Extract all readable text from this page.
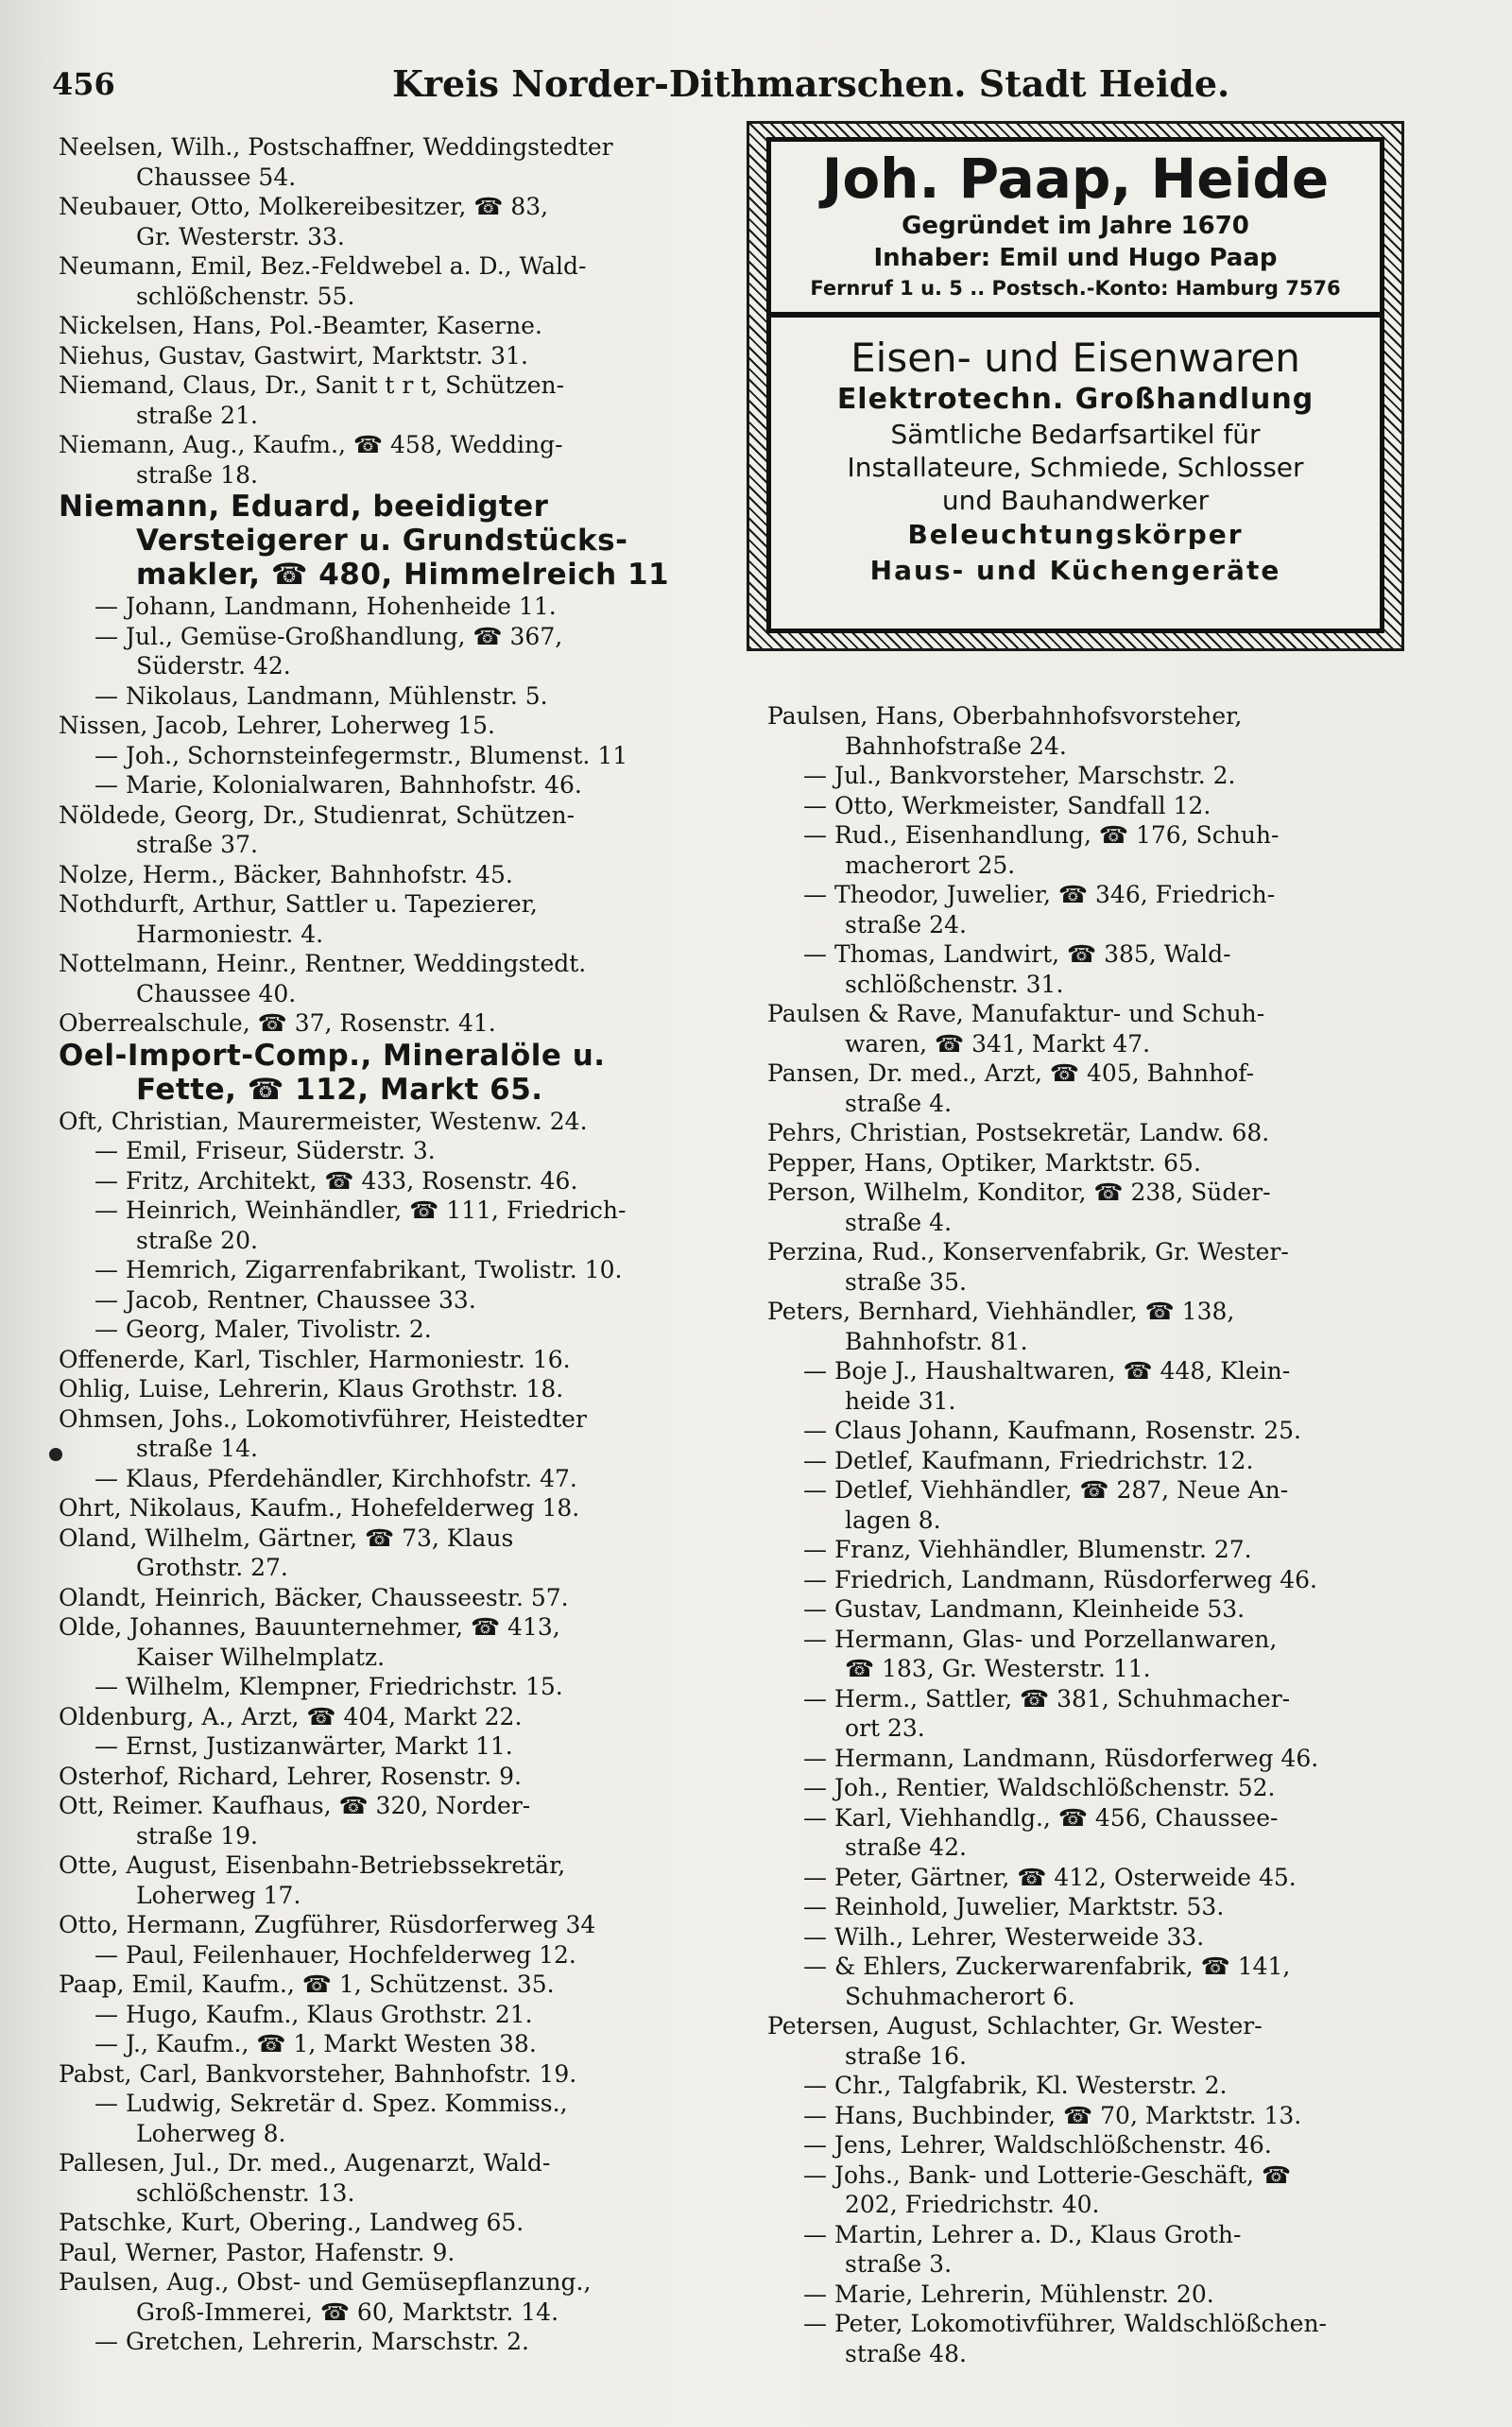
456	Kreis Norder-Dithmarschen. Stadt Heide.
Neelsen, Wilh., Postschaffner, Weddingstedter
Chaussee 54.
Neubauer, Otto, Molkereibesitzer, ☎ 83,
Gr. Westerstr. 33.
Neumann, Emil, Bez.-Feldwebel a. D., Wald-
schlößchenstr. 55.
Nickelsen, Hans, Pol.-Beamter, Kaserne.
Niehus, Gustav, Gastwirt, Marktstr. 31.
Niemand, Claus, Dr., Sanit t r t, Schützen-
straße 21.
Niemann, Aug., Kaufm., ☎ 458, Wedding-
straße 18.
Niemann, Eduard, beeidigter
Versteigerer u. Grundstücks-
makler, ☎ 480, Himmelreich 11
— Johann, Landmann, Hohenheide 11.
— Jul., Gemüse-Großhandlung, ☎ 367,
Süderstr. 42.
— Nikolaus, Landmann, Mühlenstr. 5.
Nissen, Jacob, Lehrer, Loherweg 15.
— Joh., Schornsteinfegermstr., Blumenst. 11
— Marie, Kolonialwaren, Bahnhofstr. 46.
Nöldede, Georg, Dr., Studienrat, Schützen-
straße 37.
Nolze, Herm., Bäcker, Bahnhofstr. 45.
Nothdurft, Arthur, Sattler u. Tapezierer,
Harmoniestr. 4.
Nottelmann, Heinr., Rentner, Weddingstedt.
Chaussee 40.
Oberrealschule, ☎ 37, Rosenstr. 41.
Oel-Import-Comp., Mineralöle u.
Fette, ☎ 112, Markt 65.
Oft, Christian, Maurermeister, Westenw. 24.
— Emil, Friseur, Süderstr. 3.
— Fritz, Architekt, ☎ 433, Rosenstr. 46.
— Heinrich, Weinhändler, ☎ 111, Friedrich-
straße 20.
— Hemrich, Zigarrenfabrikant, Twolistr. 10.
— Jacob, Rentner, Chaussee 33.
— Georg, Maler, Tivolistr. 2.
Offenerde, Karl, Tischler, Harmoniestr. 16.
Ohlig, Luise, Lehrerin, Klaus Grothstr. 18.
Ohmsen, Johs., Lokomotivführer, Heistedter
straße 14.
— Klaus, Pferdehändler, Kirchhofstr. 47.
Ohrt, Nikolaus, Kaufm., Hohefelderweg 18.
Oland, Wilhelm, Gärtner, ☎ 73, Klaus
Grothstr. 27.
Olandt, Heinrich, Bäcker, Chausseestr. 57.
Olde, Johannes, Bauunternehmer, ☎ 413,
Kaiser Wilhelmplatz.
— Wilhelm, Klempner, Friedrichstr. 15.
Oldenburg, A., Arzt, ☎ 404, Markt 22.
— Ernst, Justizanwärter, Markt 11.
Osterhof, Richard, Lehrer, Rosenstr. 9.
Ott, Reimer. Kaufhaus, ☎ 320, Norder-
straße 19.
Otte, August, Eisenbahn-Betriebssekretär,
Loherweg 17.
Otto, Hermann, Zugführer, Rüsdorferweg 34
— Paul, Feilenhauer, Hochfelderweg 12.
Paap, Emil, Kaufm., ☎ 1, Schützenst. 35.
— Hugo, Kaufm., Klaus Grothstr. 21.
— J., Kaufm., ☎ 1, Markt Westen 38.
Pabst, Carl, Bankvorsteher, Bahnhofstr. 19.
— Ludwig, Sekretär d. Spez. Kommiss.,
Loherweg 8.
Pallesen, Jul., Dr. med., Augenarzt, Wald-
schlößchenstr. 13.
Patschke, Kurt, Obering., Landweg 65.
Paul, Werner, Pastor, Hafenstr. 9.
Paulsen, Aug., Obst- und Gemüsepflanzung.,
Groß-Immerei, ☎ 60, Marktstr. 14.
— Gretchen, Lehrerin, Marschstr. 2.
Joh. Paap, Heide
Gegründet im Jahre 1670
Inhaber: Emil und Hugo Paap
Fernruf 1 u. 5 .. Postsch.-Konto: Hamburg 7576
Eisen- und Eisenwaren
Elektrotechn. Großhandlung
Sämtliche Bedarfsartikel für
Installateure, Schmiede, Schlosser
und Bauhandwerker
Beleuchtungskörper
Haus- und Küchengeräte
Paulsen, Hans, Oberbahnhofsvorsteher,
Bahnhofstraße 24.
— Jul., Bankvorsteher, Marschstr. 2.
— Otto, Werkmeister, Sandfall 12.
— Rud., Eisenhandlung, ☎ 176, Schuh-
macherort 25.
— Theodor, Juwelier, ☎ 346, Friedrich-
straße 24.
— Thomas, Landwirt, ☎ 385, Wald-
schlößchenstr. 31.
Paulsen & Rave, Manufaktur- und Schuh-
waren, ☎ 341, Markt 47.
Pansen, Dr. med., Arzt, ☎ 405, Bahnhof-
straße 4.
Pehrs, Christian, Postsekretär, Landw. 68.
Pepper, Hans, Optiker, Marktstr. 65.
Person, Wilhelm, Konditor, ☎ 238, Süder-
straße 4.
Perzina, Rud., Konservenfabrik, Gr. Wester-
straße 35.
Peters, Bernhard, Viehhändler, ☎ 138,
Bahnhofstr. 81.
— Boje J., Haushaltwaren, ☎ 448, Klein-
heide 31.
— Claus Johann, Kaufmann, Rosenstr. 25.
— Detlef, Kaufmann, Friedrichstr. 12.
— Detlef, Viehhändler, ☎ 287, Neue An-
lagen 8.
— Franz, Viehhändler, Blumenstr. 27.
— Friedrich, Landmann, Rüsdorferweg 46.
— Gustav, Landmann, Kleinheide 53.
— Hermann, Glas- und Porzellanwaren,
☎ 183, Gr. Westerstr. 11.
— Herm., Sattler, ☎ 381, Schuhmacher-
ort 23.
— Hermann, Landmann, Rüsdorferweg 46.
— Joh., Rentier, Waldschlößchenstr. 52.
— Karl, Viehhandlg., ☎ 456, Chaussee-
straße 42.
— Peter, Gärtner, ☎ 412, Osterweide 45.
— Reinhold, Juwelier, Marktstr. 53.
— Wilh., Lehrer, Westerweide 33.
— & Ehlers, Zuckerwarenfabrik, ☎ 141,
Schuhmacherort 6.
Petersen, August, Schlachter, Gr. Wester-
straße 16.
— Chr., Talgfabrik, Kl. Westerstr. 2.
— Hans, Buchbinder, ☎ 70, Marktstr. 13.
— Jens, Lehrer, Waldschlößchenstr. 46.
— Johs., Bank- und Lotterie-Geschäft, ☎
202, Friedrichstr. 40.
— Martin, Lehrer a. D., Klaus Groth-
straße 3.
— Marie, Lehrerin, Mühlenstr. 20.
— Peter, Lokomotivführer, Waldschlößchen-
straße 48.
